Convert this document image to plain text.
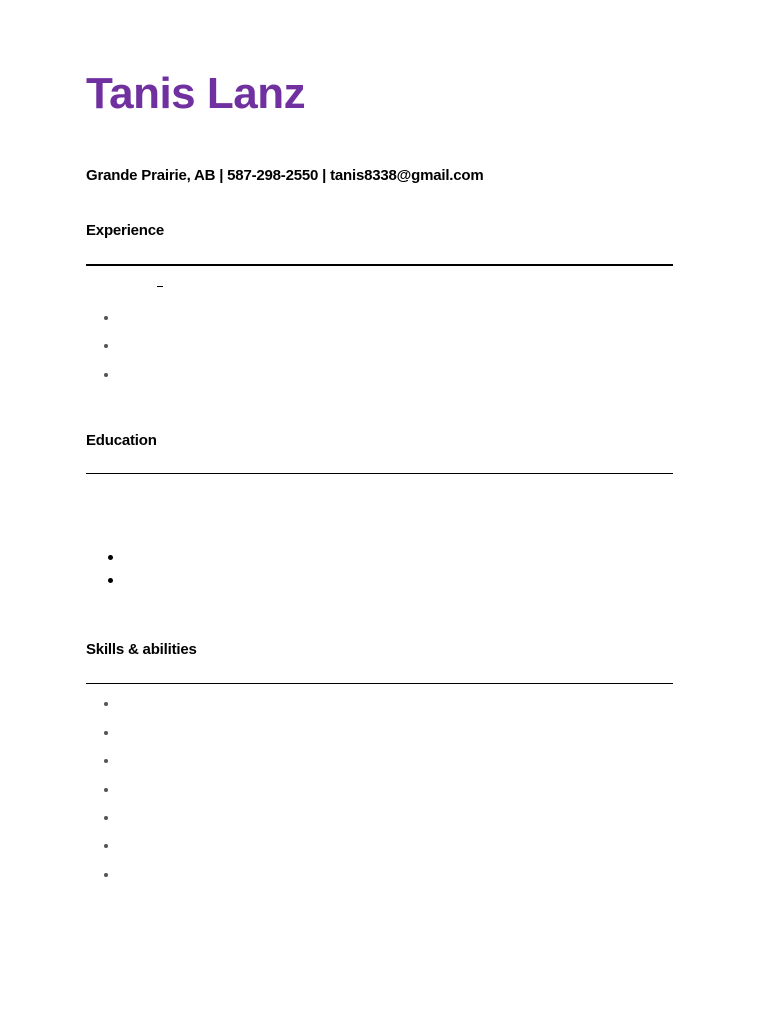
Tanis Lanz
Grande Prairie, AB | 587-298-2550 | tanis8338@gmail.com
Experience
Education
Skills & abilities
